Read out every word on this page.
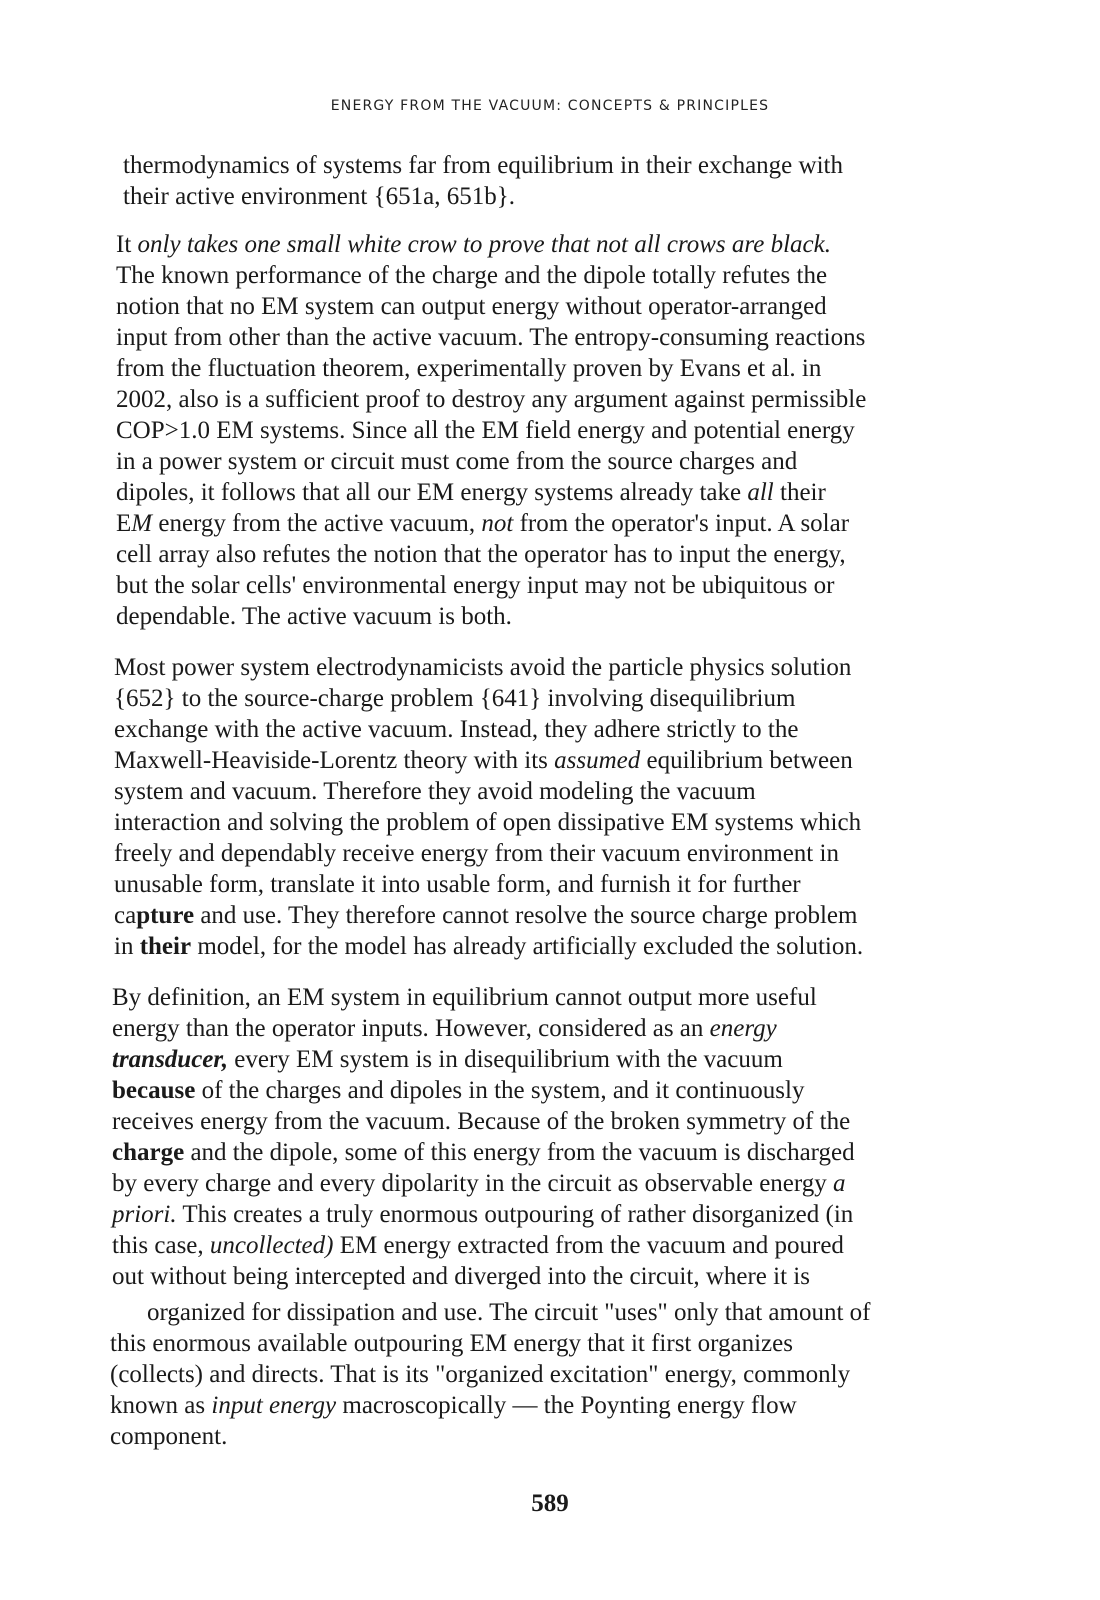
ENERGY FROM THE VACUUM: CONCEPTS & PRINCIPLES
thermodynamics of systems far from equilibrium in their exchange with
their active environment {651a, 651b}.
It only takes one small white crow to prove that not all crows are black.
The known performance of the charge and the dipole totally refutes the
notion that no EM system can output energy without operator-arranged
input from other than the active vacuum. The entropy-consuming reactions
from the fluctuation theorem, experimentally proven by Evans et al. in
2002, also is a sufficient proof to destroy any argument against permissible
COP>1.0 EM systems. Since all the EM field energy and potential energy
in a power system or circuit must come from the source charges and
dipoles, it follows that all our EM energy systems already take all their
EM energy from the active vacuum, not from the operator's input. A solar
cell array also refutes the notion that the operator has to input the energy,
but the solar cells' environmental energy input may not be ubiquitous or
dependable. The active vacuum is both.
Most power system electrodynamicists avoid the particle physics solution
{652} to the source-charge problem {641} involving disequilibrium
exchange with the active vacuum. Instead, they adhere strictly to the
Maxwell-Heaviside-Lorentz theory with its assumed equilibrium between
system and vacuum. Therefore they avoid modeling the vacuum
interaction and solving the problem of open dissipative EM systems which
freely and dependably receive energy from their vacuum environment in
unusable form, translate it into usable form, and furnish it for further
capture and use. They therefore cannot resolve the source charge problem
in their model, for the model has already artificially excluded the solution.
By definition, an EM system in equilibrium cannot output more useful
energy than the operator inputs. However, considered as an energy
transducer, every EM system is in disequilibrium with the vacuum
because of the charges and dipoles in the system, and it continuously
receives energy from the vacuum. Because of the broken symmetry of the
charge and the dipole, some of this energy from the vacuum is discharged
by every charge and every dipolarity in the circuit as observable energy a
priori. This creates a truly enormous outpouring of rather disorganized (in
this case, uncollected) EM energy extracted from the vacuum and poured
out without being intercepted and diverged into the circuit, where it is
organized for dissipation and use. The circuit "uses" only that amount of
this enormous available outpouring EM energy that it first organizes
(collects) and directs. That is its "organized excitation" energy, commonly
known as input energy macroscopically — the Poynting energy flow
component.
589
